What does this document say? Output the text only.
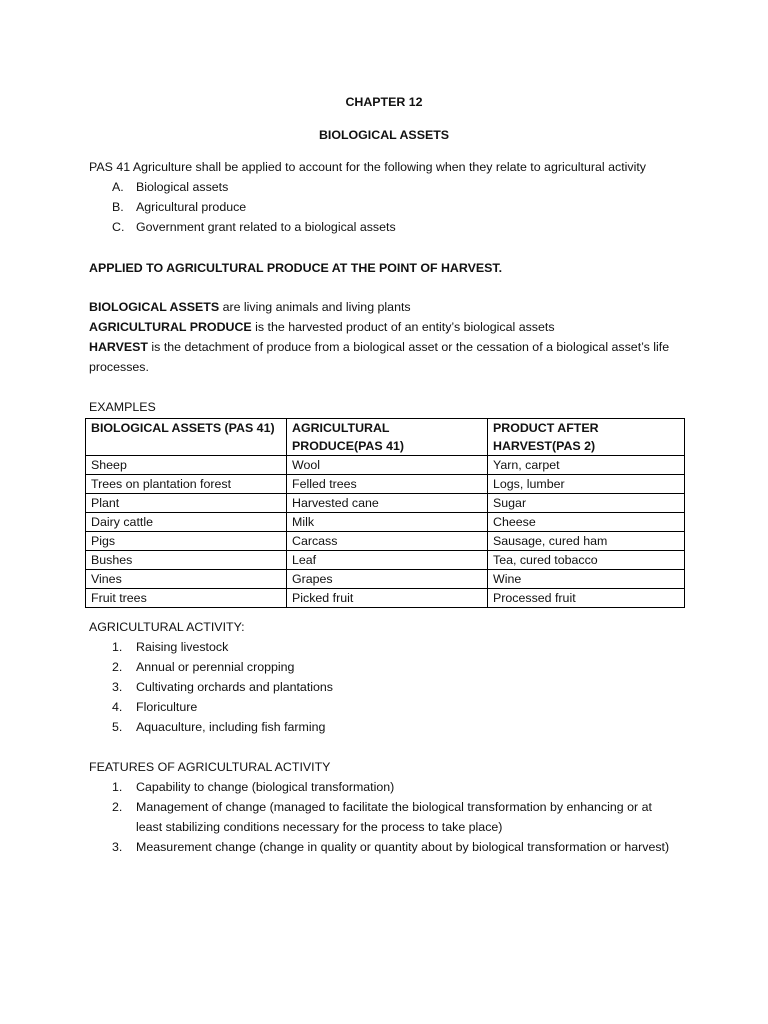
CHAPTER 12
BIOLOGICAL ASSETS
PAS 41 Agriculture shall be applied to account for the following when they relate to agricultural activity
A. Biological assets
B. Agricultural produce
C. Government grant related to a biological assets
APPLIED TO AGRICULTURAL PRODUCE AT THE POINT OF HARVEST.
BIOLOGICAL ASSETS are living animals and living plants
AGRICULTURAL PRODUCE is the harvested product of an entity’s biological assets
HARVEST is the detachment of produce from a biological asset or the cessation of a biological asset’s life processes.
EXAMPLES
BIOLOGICAL ASSETS (PAS 41)	AGRICULTURAL PRODUCE(PAS 41)	PRODUCT AFTER HARVEST(PAS 2)
Sheep	Wool	Yarn, carpet
Trees on plantation forest	Felled trees	Logs, lumber
Plant	Harvested cane	Sugar
Dairy cattle	Milk	Cheese
Pigs	Carcass	Sausage, cured ham
Bushes	Leaf	Tea, cured tobacco
Vines	Grapes	Wine
Fruit trees	Picked fruit	Processed fruit
AGRICULTURAL ACTIVITY:
1. Raising livestock
2. Annual or perennial cropping
3. Cultivating orchards and plantations
4. Floriculture
5. Aquaculture, including fish farming
FEATURES OF AGRICULTURAL ACTIVITY
1. Capability to change (biological transformation)
2. Management of change (managed to facilitate the biological transformation by enhancing or at least stabilizing conditions necessary for the process to take place)
3. Measurement change (change in quality or quantity about by biological transformation or harvest)
